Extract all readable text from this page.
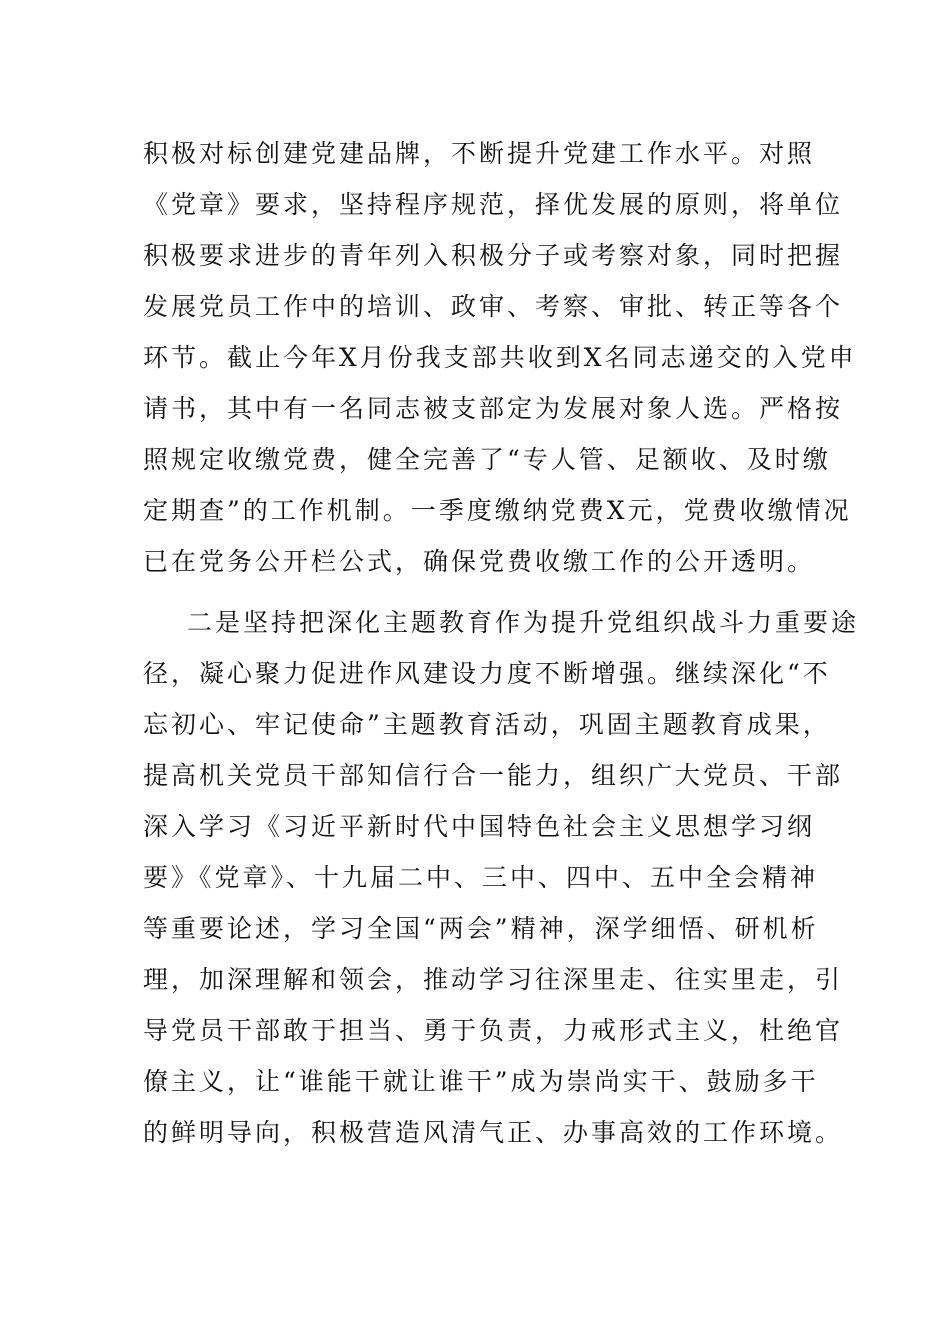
积极对标创建党建品牌，不断提升党建工作水平。对照
《党章》要求，坚持程序规范，择优发展的原则，将单位
积极要求进步的青年列入积极分子或考察对象，同时把握
发展党员工作中的培训、政审、考察、审批、转正等各个
环节。截止今年X月份我支部共收到X名同志递交的入党申
请书，其中有一名同志被支部定为发展对象人选。严格按
照规定收缴党费，健全完善了“专人管、足额收、及时缴
定期查”的工作机制。一季度缴纳党费X元，党费收缴情况
已在党务公开栏公式，确保党费收缴工作的公开透明。
二是坚持把深化主题教育作为提升党组织战斗力重要途
径，凝心聚力促进作风建设力度不断增强。继续深化“不
忘初心、牢记使命”主题教育活动，巩固主题教育成果，
提高机关党员干部知信行合一能力，组织广大党员、干部
深入学习《习近平新时代中国特色社会主义思想学习纲
要》《党章》、十九届二中、三中、四中、五中全会精神
等重要论述，学习全国“两会”精神，深学细悟、研机析
理，加深理解和领会，推动学习往深里走、往实里走，引
导党员干部敢于担当、勇于负责，力戒形式主义，杜绝官
僚主义，让“谁能干就让谁干”成为崇尚实干、鼓励多干
的鲜明导向，积极营造风清气正、办事高效的工作环境。
